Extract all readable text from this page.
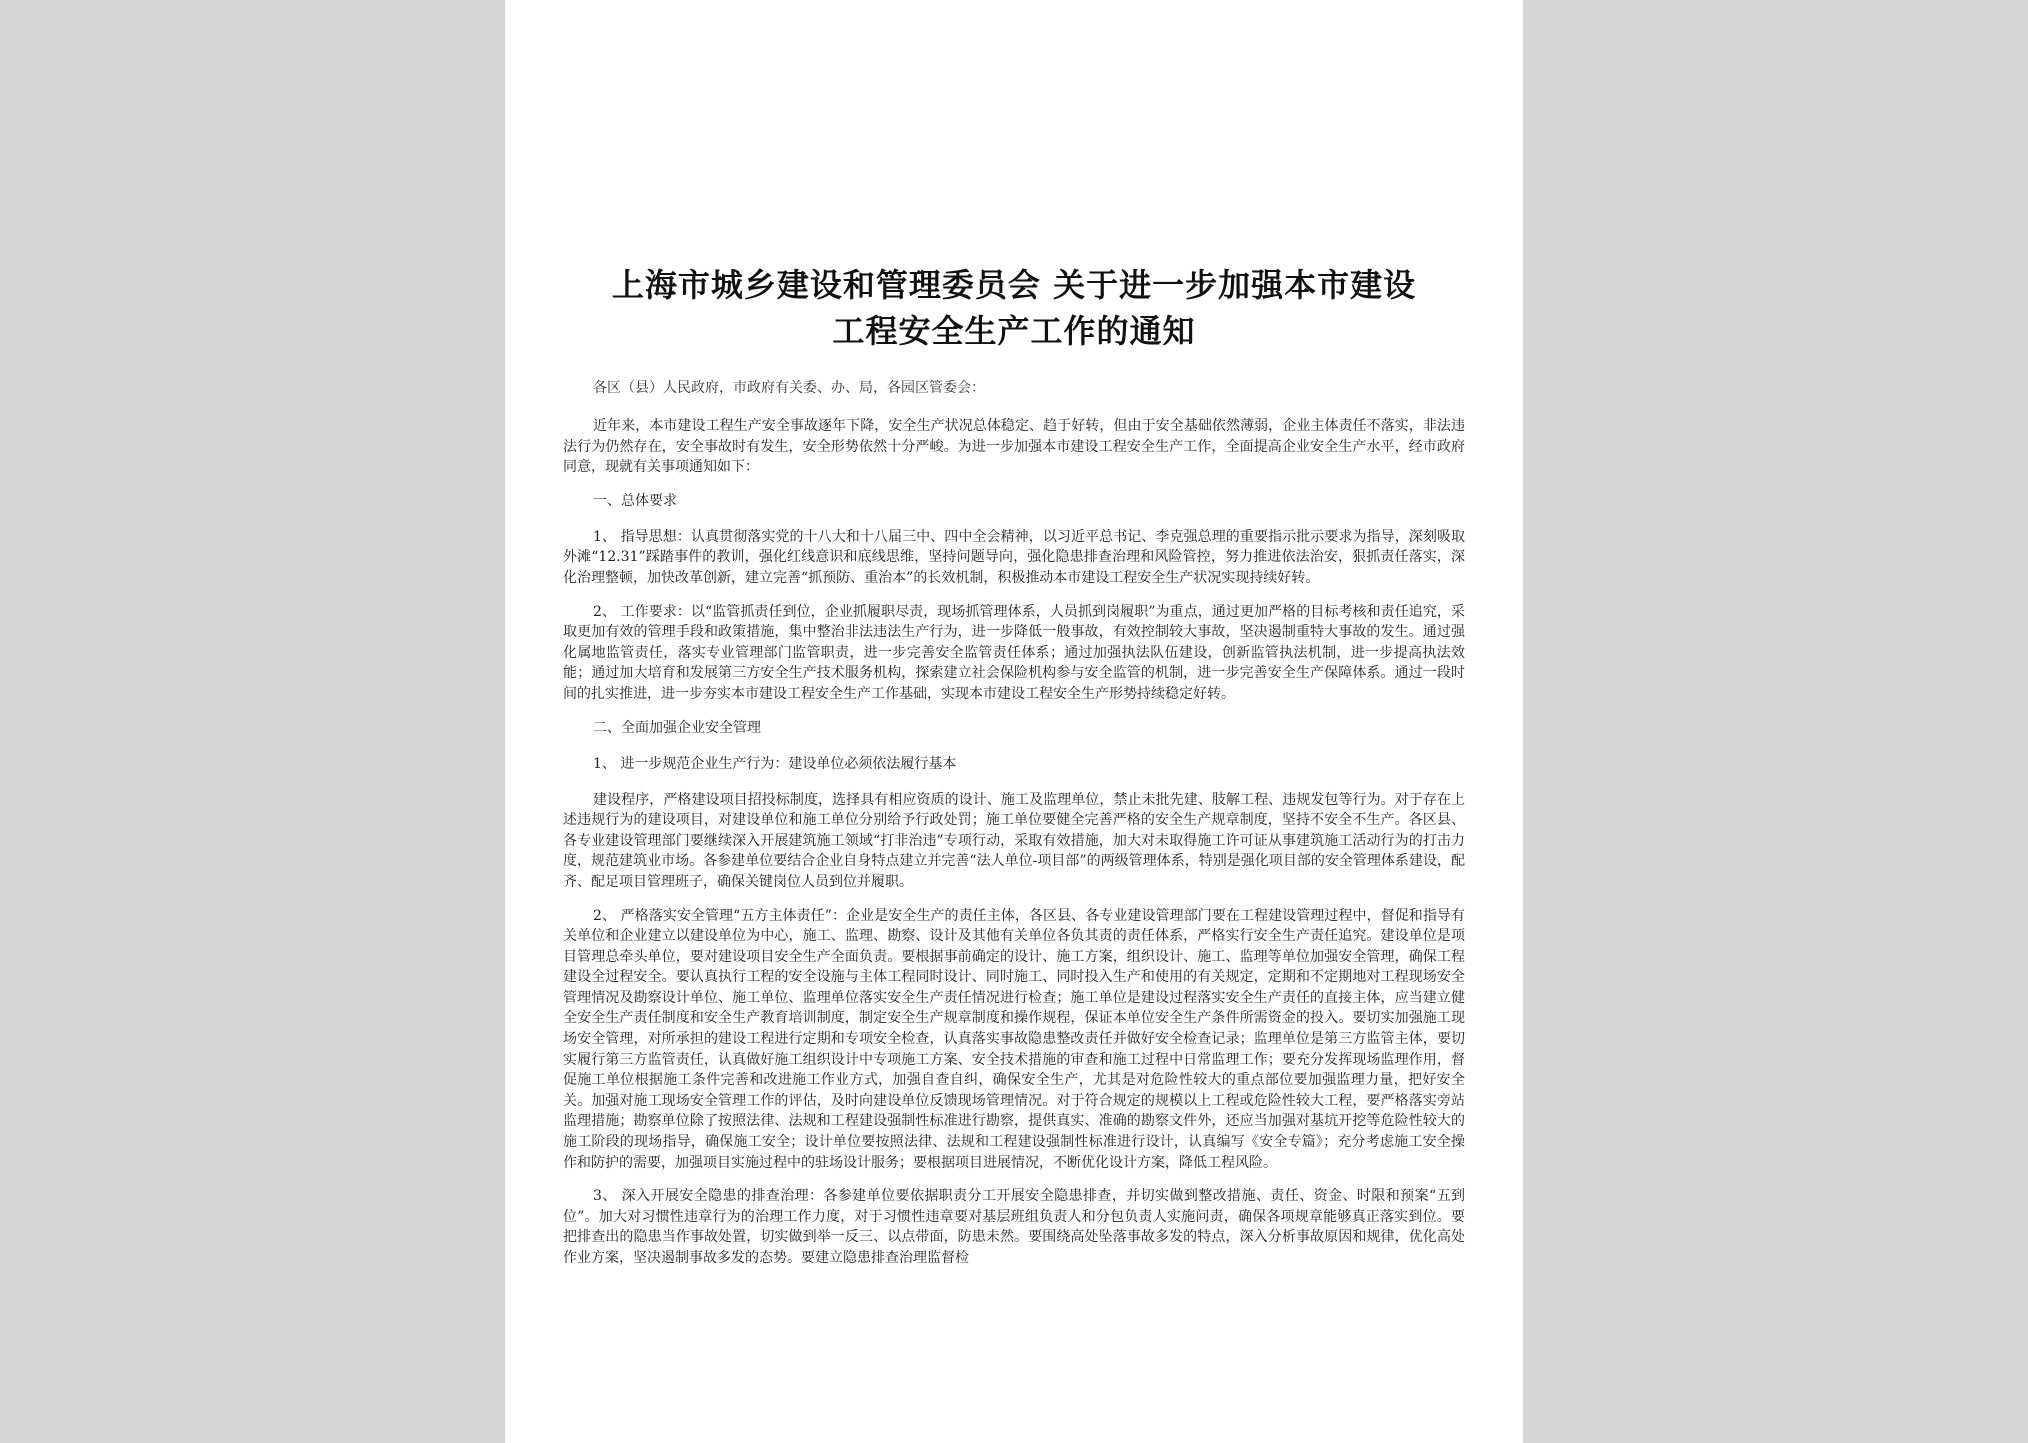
上海市城乡建设和管理委员会 关于进一步加强本市建设
工程安全生产工作的通知

各区（县）人民政府，市政府有关委、办、局，各园区管委会：

近年来，本市建设工程生产安全事故逐年下降，安全生产状况总体稳定、趋于好转，但由于安全基础依然薄弱，企业主体责任不落实，非法违法行为仍然存在，安全事故时有发生，安全形势依然十分严峻。为进一步加强本市建设工程安全生产工作，全面提高企业安全生产水平，经市政府同意，现就有关事项通知如下：

一、总体要求

1、 指导思想：认真贯彻落实党的十八大和十八届三中、四中全会精神，以习近平总书记、李克强总理的重要指示批示要求为指导，深刻吸取外滩“12.31”踩踏事件的教训，强化红线意识和底线思维，坚持问题导向，强化隐患排查治理和风险管控，努力推进依法治安，狠抓责任落实，深化治理整顿，加快改革创新，建立完善“抓预防、重治本”的长效机制，积极推动本市建设工程安全生产状况实现持续好转。

2、 工作要求：以“监管抓责任到位，企业抓履职尽责，现场抓管理体系，人员抓到岗履职”为重点，通过更加严格的目标考核和责任追究，采取更加有效的管理手段和政策措施，集中整治非法违法生产行为，进一步降低一般事故，有效控制较大事故，坚决遏制重特大事故的发生。通过强化属地监管责任，落实专业管理部门监管职责，进一步完善安全监管责任体系；通过加强执法队伍建设，创新监管执法机制，进一步提高执法效能；通过加大培育和发展第三方安全生产技术服务机构，探索建立社会保险机构参与安全监管的机制，进一步完善安全生产保障体系。通过一段时间的扎实推进，进一步夯实本市建设工程安全生产工作基础，实现本市建设工程安全生产形势持续稳定好转。

二、全面加强企业安全管理

1、 进一步规范企业生产行为：建设单位必须依法履行基本

建设程序，严格建设项目招投标制度，选择具有相应资质的设计、施工及监理单位，禁止未批先建、肢解工程、违规发包等行为。对于存在上述违规行为的建设项目，对建设单位和施工单位分别给予行政处罚；施工单位要健全完善严格的安全生产规章制度，坚持不安全不生产。各区县、各专业建设管理部门要继续深入开展建筑施工领域“打非治违”专项行动，采取有效措施，加大对未取得施工许可证从事建筑施工活动行为的打击力度，规范建筑业市场。各参建单位要结合企业自身特点建立并完善“法人单位-项目部”的两级管理体系，特别是强化项目部的安全管理体系建设，配齐、配足项目管理班子，确保关键岗位人员到位并履职。

2、 严格落实安全管理“五方主体责任”：企业是安全生产的责任主体，各区县、各专业建设管理部门要在工程建设管理过程中，督促和指导有关单位和企业建立以建设单位为中心，施工、监理、勘察、设计及其他有关单位各负其责的责任体系，严格实行安全生产责任追究。建设单位是项目管理总牵头单位，要对建设项目安全生产全面负责。要根据事前确定的设计、施工方案，组织设计、施工、监理等单位加强安全管理，确保工程建设全过程安全。要认真执行工程的安全设施与主体工程同时设计、同时施工、同时投入生产和使用的有关规定，定期和不定期地对工程现场安全管理情况及勘察设计单位、施工单位、监理单位落实安全生产责任情况进行检查；施工单位是建设过程落实安全生产责任的直接主体，应当建立健全安全生产责任制度和安全生产教育培训制度，制定安全生产规章制度和操作规程，保证本单位安全生产条件所需资金的投入。要切实加强施工现场安全管理，对所承担的建设工程进行定期和专项安全检查，认真落实事故隐患整改责任并做好安全检查记录；监理单位是第三方监管主体，要切实履行第三方监管责任，认真做好施工组织设计中专项施工方案、安全技术措施的审查和施工过程中日常监理工作；要充分发挥现场监理作用，督促施工单位根据施工条件完善和改进施工作业方式，加强自查自纠，确保安全生产，尤其是对危险性较大的重点部位要加强监理力量，把好安全关。加强对施工现场安全管理工作的评估，及时向建设单位反馈现场管理情况。对于符合规定的规模以上工程或危险性较大工程，要严格落实旁站监理措施；勘察单位除了按照法律、法规和工程建设强制性标准进行勘察，提供真实、准确的勘察文件外，还应当加强对基坑开挖等危险性较大的施工阶段的现场指导，确保施工安全；设计单位要按照法律、法规和工程建设强制性标准进行设计，认真编写《安全专篇》；充分考虑施工安全操作和防护的需要，加强项目实施过程中的驻场设计服务；要根据项目进展情况，不断优化设计方案，降低工程风险。

3、 深入开展安全隐患的排查治理：各参建单位要依据职责分工开展安全隐患排查，并切实做到整改措施、责任、资金、时限和预案“五到位”。加大对习惯性违章行为的治理工作力度，对于习惯性违章要对基层班组负责人和分包负责人实施问责，确保各项规章能够真正落实到位。要把排查出的隐患当作事故处置，切实做到举一反三、以点带面，防患未然。要围绕高处坠落事故多发的特点，深入分析事故原因和规律，优化高处作业方案，坚决遏制事故多发的态势。要建立隐患排查治理监督检
